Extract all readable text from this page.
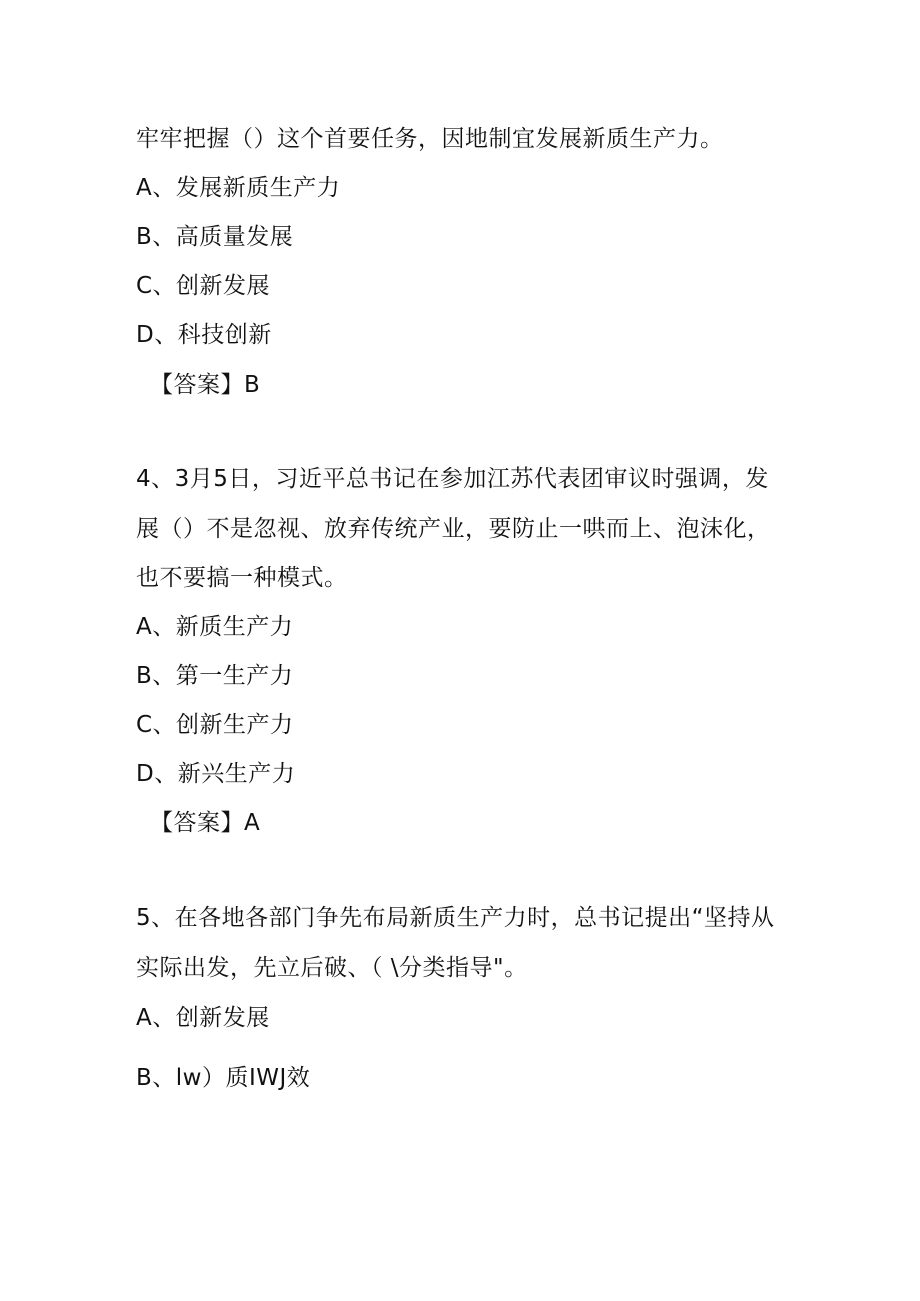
牢牢把握（）这个首要任务，因地制宜发展新质生产力。

A、发展新质生产力

B、高质量发展

C、创新发展

D、科技创新

【答案】B

4、3月5日，习近平总书记在参加江苏代表团审议时强调，发

展（）不是忽视、放弃传统产业，要防止一哄而上、泡沫化，

也不要搞一种模式。

A、新质生产力

B、第一生产力

C、创新生产力

D、新兴生产力

【答案】A

5、在各地各部门争先布局新质生产力时，总书记提出“坚持从

实际出发，先立后破、（ \分类指导"。

A、创新发展

B、lw）质IWJ效
